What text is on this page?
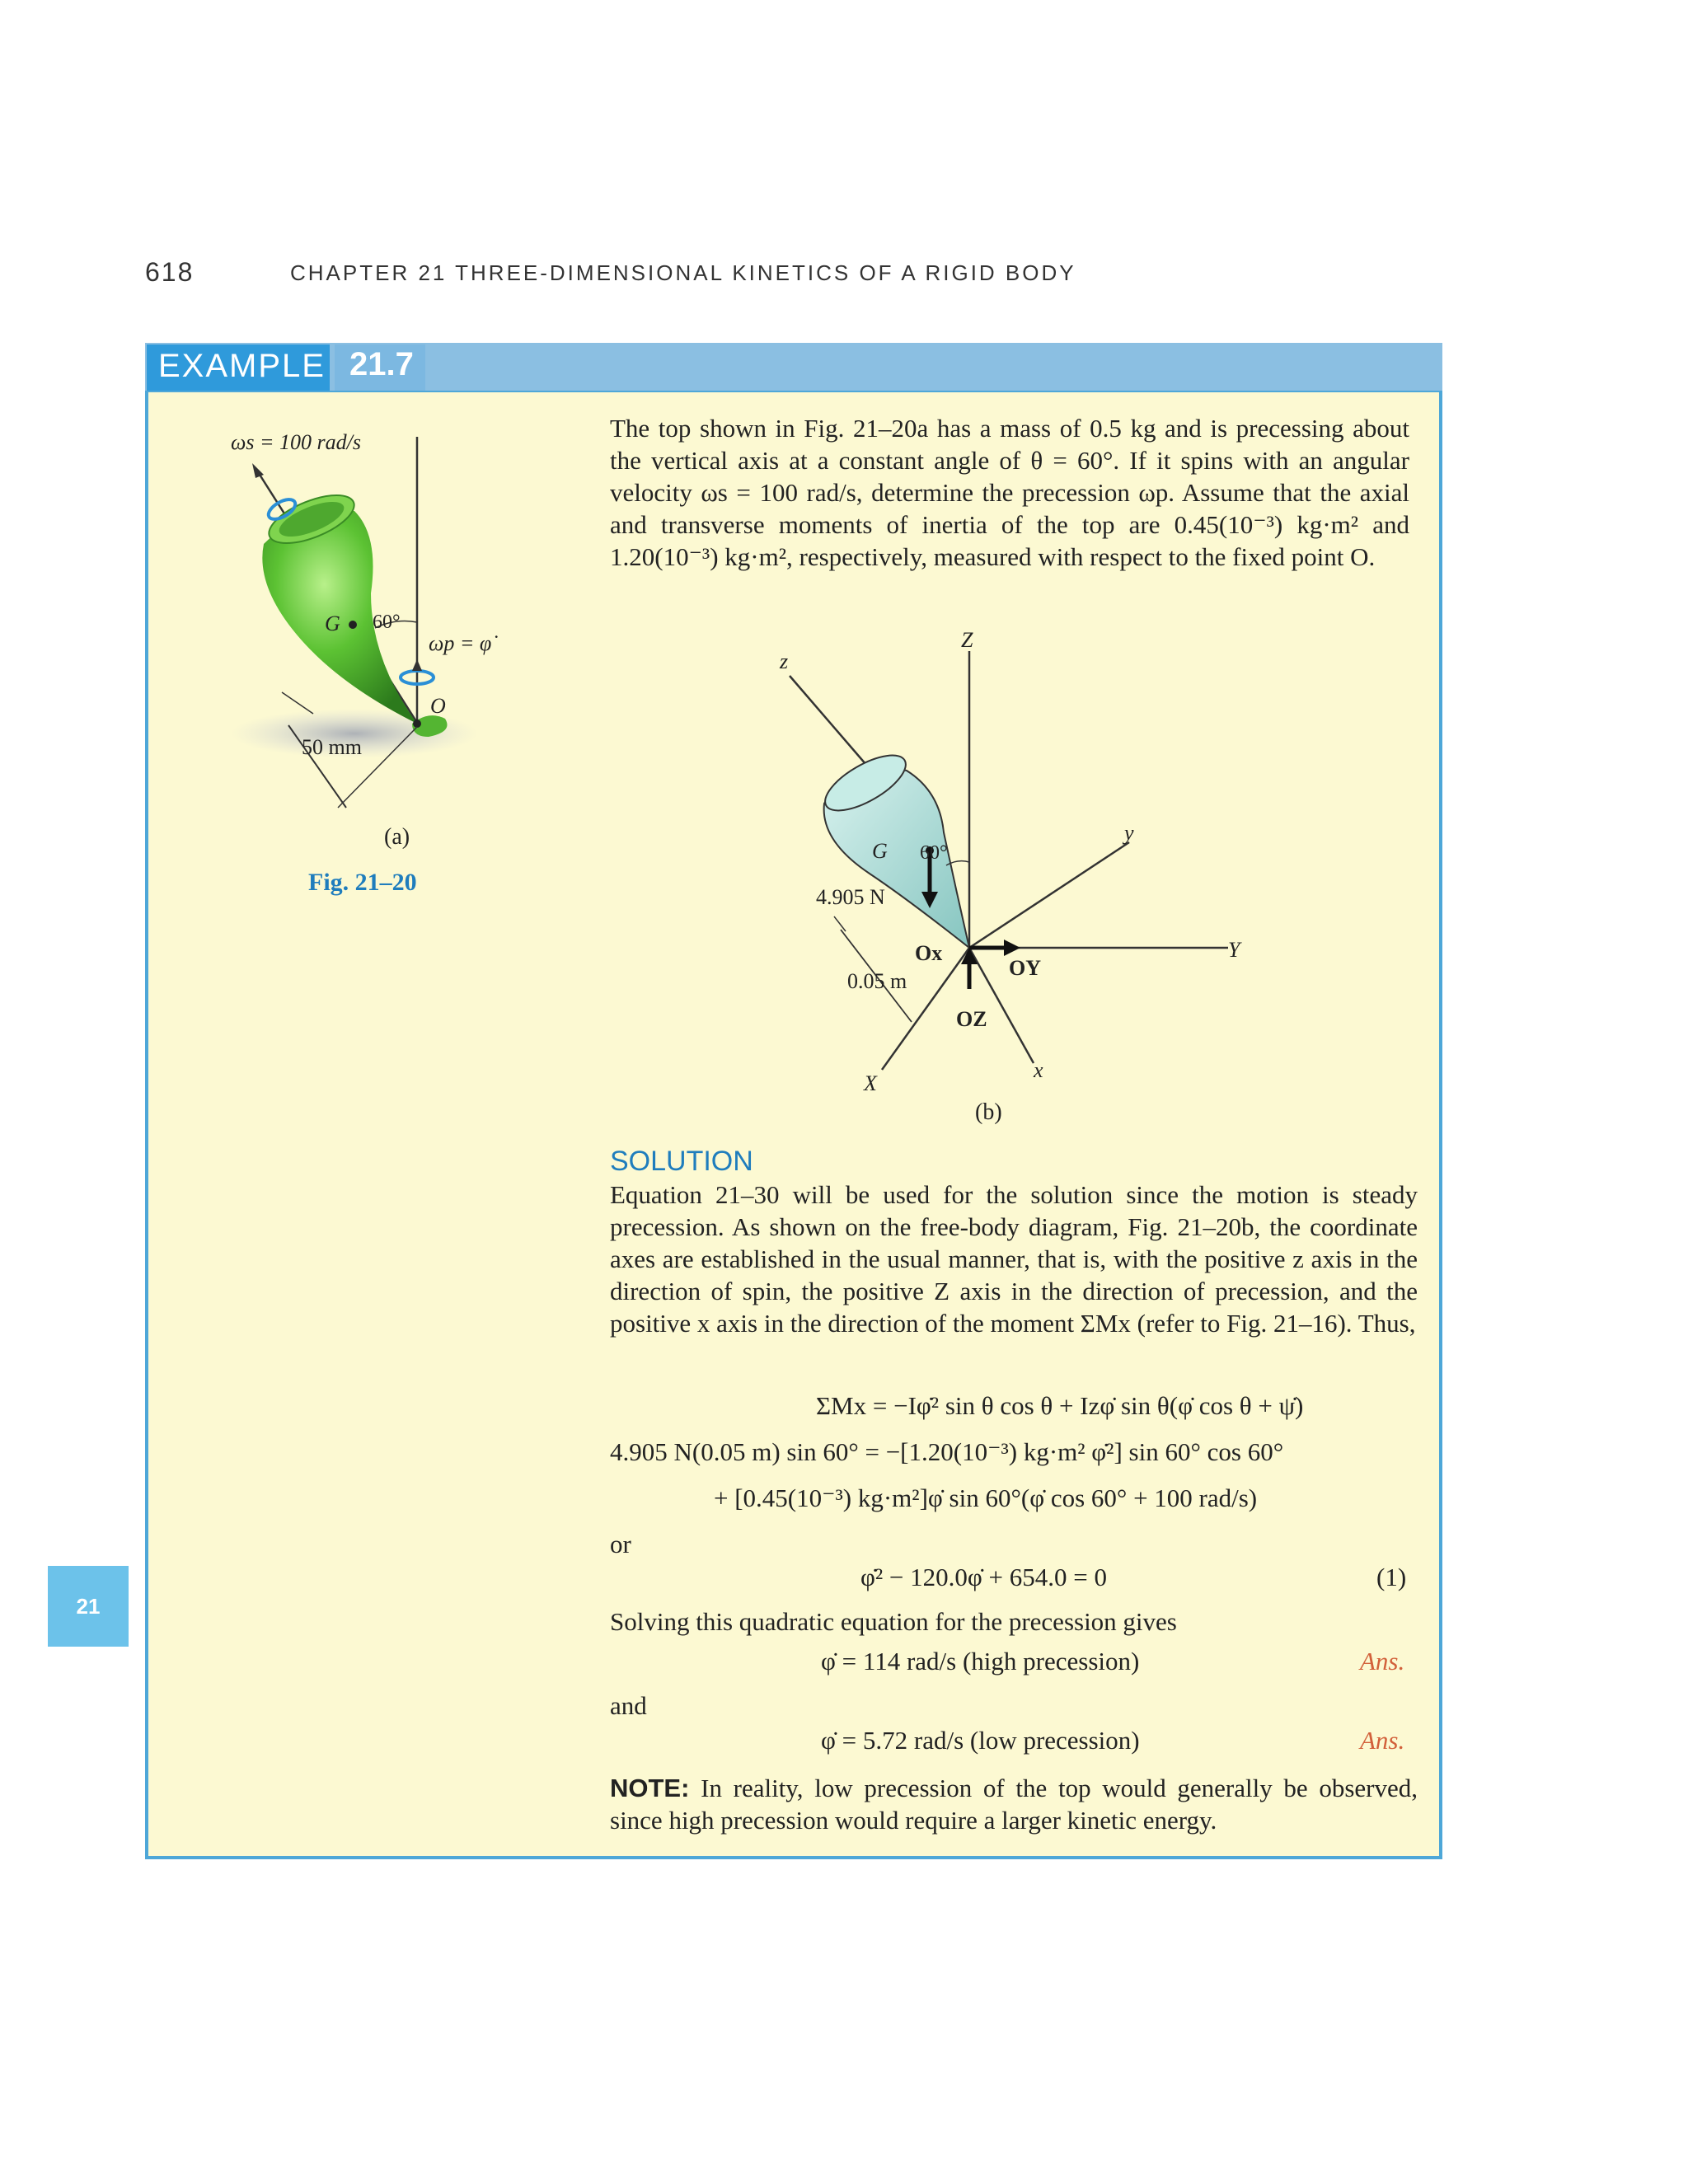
618	CHAPTER 21 THREE-DIMENSIONAL KINETICS OF A RIGID BODY
EXAMPLE 21.7
21
ωs = 100 rad/s
G 60°
ωp = φ̇
O
50 mm
(a)
Fig. 21–20
The top shown in Fig. 21–20a has a mass of 0.5 kg and is precessing about the vertical axis at a constant angle of θ = 60°. If it spins with an angular velocity ωs = 100 rad/s, determine the precession ωp. Assume that the axial and transverse moments of inertia of the top are 0.45(10⁻³) kg·m² and 1.20(10⁻³) kg·m², respectively, measured with respect to the fixed point O.
Z
z
y
G 60°
4.905 N
Y
Ox
OY
0.05 m
OZ
x
X
(b)
SOLUTION
Equation 21–30 will be used for the solution since the motion is steady precession. As shown on the free-body diagram, Fig. 21–20b, the coordinate axes are established in the usual manner, that is, with the positive z axis in the direction of spin, the positive Z axis in the direction of precession, and the positive x axis in the direction of the moment ΣMx (refer to Fig. 21–16). Thus,
ΣMx = −Iφ̇² sin θ cos θ + Izφ̇ sin θ(φ̇ cos θ + ψ̇)
4.905 N(0.05 m) sin 60° = −[1.20(10⁻³) kg·m² φ̇²] sin 60° cos 60°
+ [0.45(10⁻³) kg·m²]φ̇ sin 60°(φ̇ cos 60° + 100 rad/s)
or
φ̇² − 120.0φ̇ + 654.0 = 0	(1)
Solving this quadratic equation for the precession gives
φ̇ = 114 rad/s (high precession)	Ans.
and
φ̇ = 5.72 rad/s (low precession)	Ans.
NOTE: In reality, low precession of the top would generally be observed, since high precession would require a larger kinetic energy.
